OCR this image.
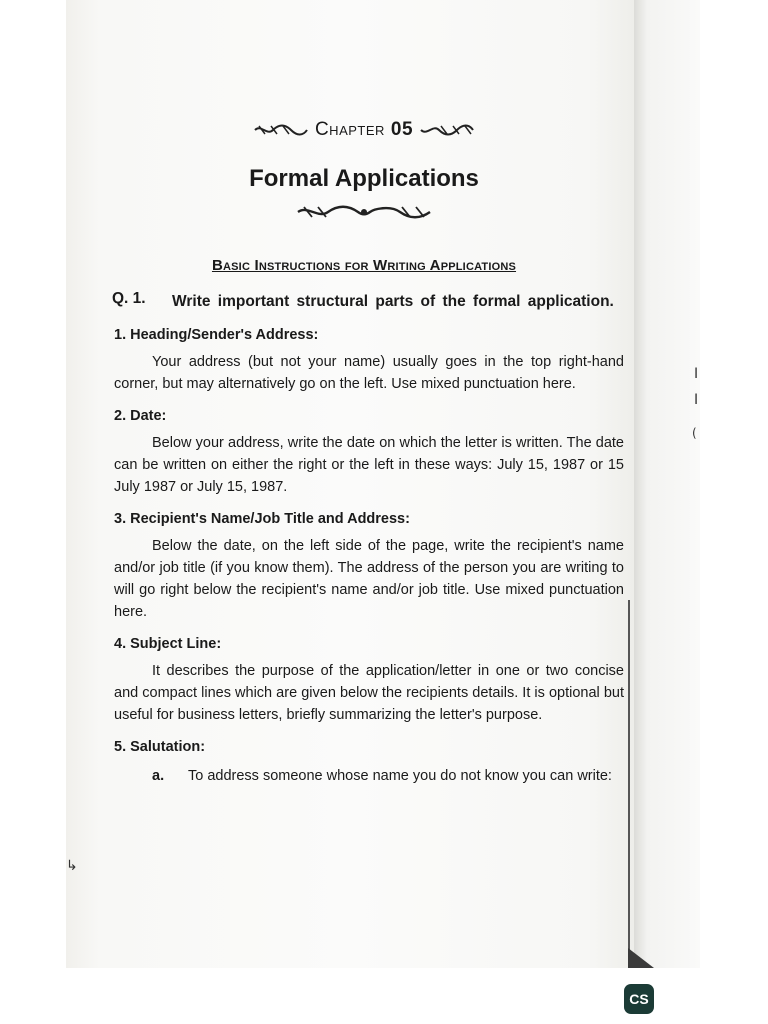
I
I
(
↳
Chapter 05
Formal Applications
Basic Instructions for Writing Applications
Q. 1.	Write important structural parts of the formal application.
1. Heading/Sender's Address:
Your address (but not your name) usually goes in the top right-hand corner, but may alternatively go on the left. Use mixed punctuation here.
2. Date:
Below your address, write the date on which the letter is written. The date can be written on either the right or the left in these ways: July 15, 1987 or 15 July 1987 or July 15, 1987.
3. Recipient's Name/Job Title and Address:
Below the date, on the left side of the page, write the recipient's name and/or job title (if you know them). The address of the person you are writing to will go right below the recipient's name and/or job title. Use mixed punctuation here.
4. Subject Line:
It describes the purpose of the application/letter in one or two concise and compact lines which are given below the recipients details. It is optional but useful for business letters, briefly summarizing the letter's purpose.
5. Salutation:
a.	To address someone whose name you do not know you can write:
CS
